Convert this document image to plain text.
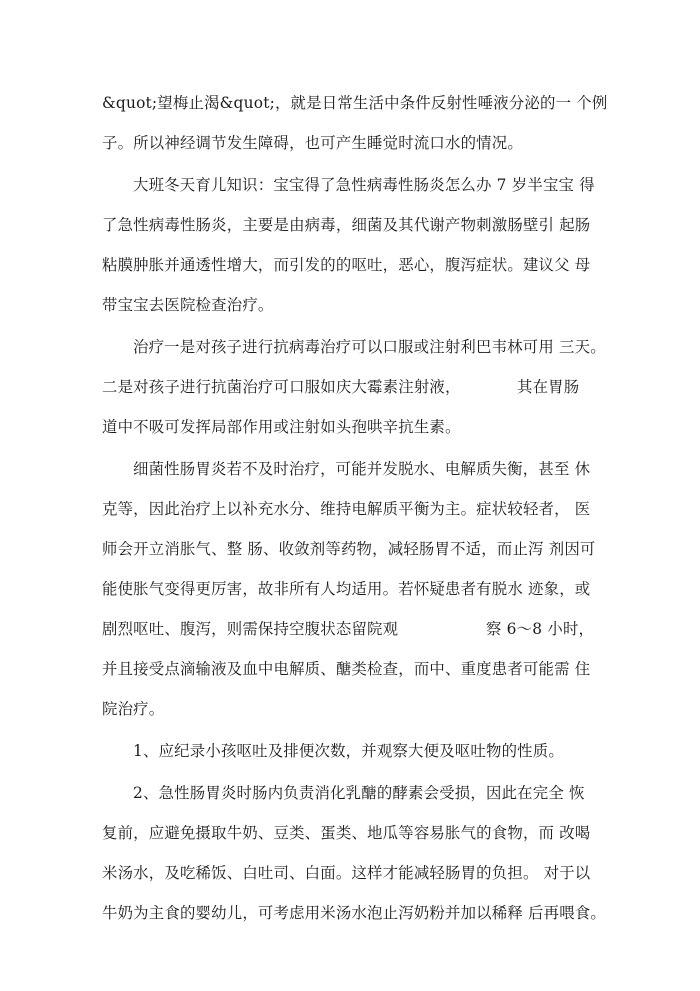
&quot;望梅止渴&quot;，就是日常生活中条件反射性唾液分泌的一 个例
子。所以神经调节发生障碍，也可产生睡觉时流口水的情况。
大班冬天育儿知识：宝宝得了急性病毒性肠炎怎么办 7 岁半宝宝 得
了急性病毒性肠炎，主要是由病毒，细菌及其代谢产物刺激肠壁引 起肠
粘膜肿胀并通透性增大，而引发的的呕吐，恶心，腹泻症状。建议父 母
带宝宝去医院检查治疗。
治疗一是对孩子进行抗病毒治疗可以口服或注射利巴韦林可用 三天。
二是对孩子进行抗菌治疗可口服如庆大霉素注射液，	其在胃肠
道中不吸可发挥局部作用或注射如头孢哄辛抗生素。
细菌性肠胃炎若不及时治疗，可能并发脱水、电解质失衡，甚至 休
克等，因此治疗上以补充水分、维持电解质平衡为主。症状较轻者， 医
师会开立消胀气、整 肠、收敛剂等药物，减轻肠胃不适，而止泻 剂因可
能使胀气变得更厉害，故非所有人均适用。若怀疑患者有脱水 迹象，或
剧烈呕吐、腹泻，则需保持空腹状态留院观	察 6〜8 小时，
并且接受点滴输液及血中电解质、醣类检查，而中、重度患者可能需 住
院治疗。
1、应纪录小孩呕吐及排便次数，并观察大便及呕吐物的性质。
2、急性肠胃炎时肠内负责消化乳醣的酵素会受损，因此在完全 恢
复前，应避免摄取牛奶、豆类、蛋类、地瓜等容易胀气的食物，而 改喝
米汤水，及吃稀饭、白吐司、白面。这样才能减轻肠胃的负担。 对于以
牛奶为主食的婴幼儿，可考虑用米汤水泡止泻奶粉并加以稀释 后再喂食。
